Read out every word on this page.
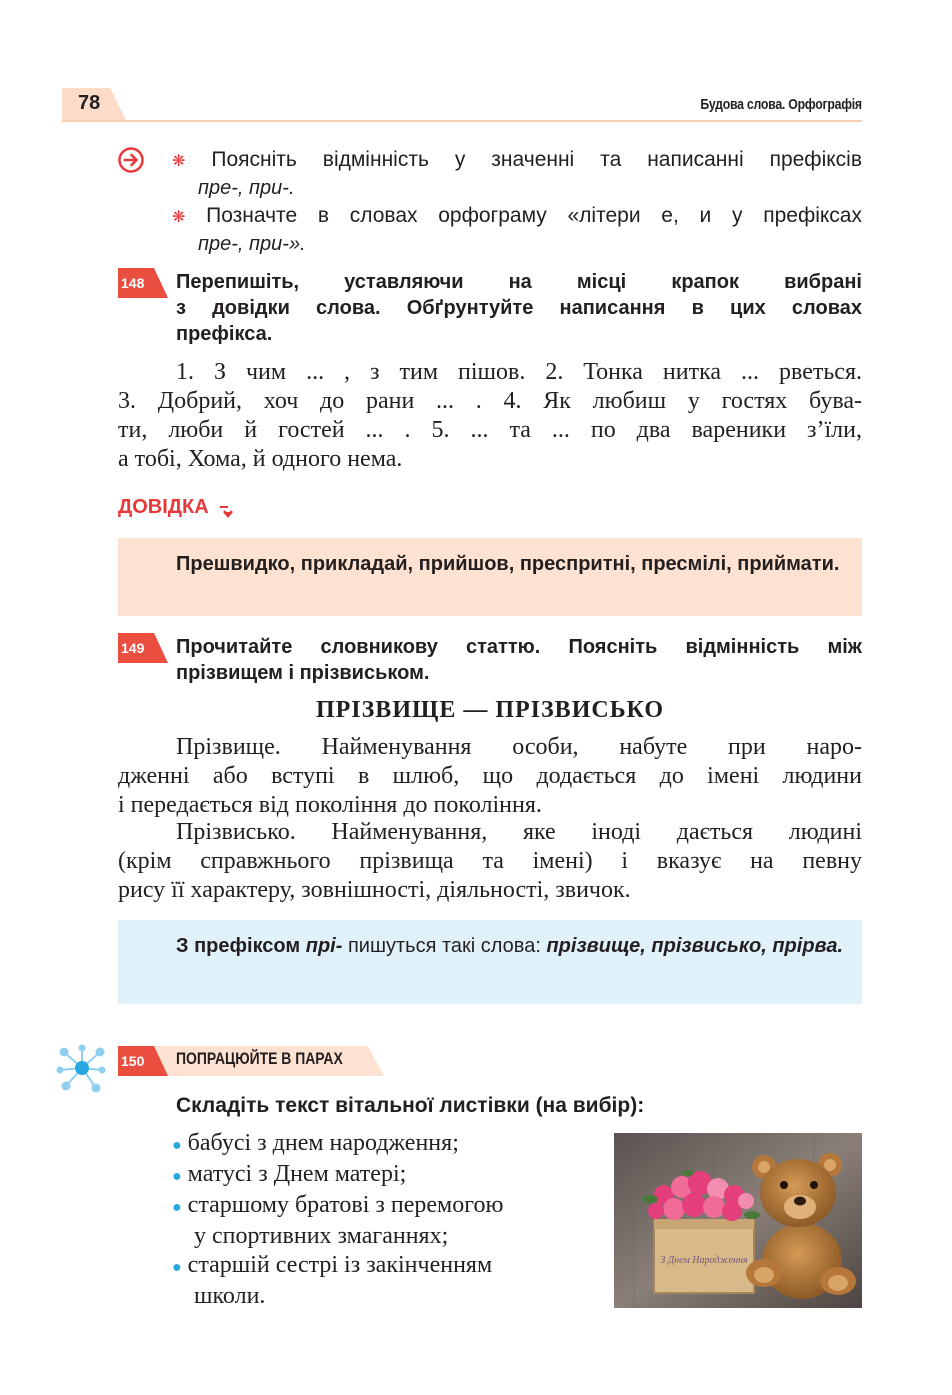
78	Будова слова. Орфографія
❋ Поясніть відмінність у значенні та написанні префіксів
пре-, при-.
❋ Позначте в словах орфограму «літери е, и у префіксах
пре-, при-».
148 Перепишіть, уставляючи на місці крапок вибрані
з довідки слова. Обґрунтуйте написання в цих словах
префікса.
1. З чим ... , з тим пішов. 2. Тонка нитка ... рветься.
3. Добрий, хоч до рани ... . 4. Як любиш у гостях бува-
ти, люби й гостей ... . 5. ... та ... по два вареники з’їли,
а тобі, Хома, й одного нема.
ДОВІДКА
Прешвидко, прикладай, прийшов, преспритні, пресмілі, приймати.
149 Прочитайте словникову статтю. Поясніть відмінність між
прізвищем і прізвиськом.
ПРІЗВИЩЕ — ПРІЗВИСЬКО
Прізвище. Найменування особи, набуте при наро-
дженні або вступі в шлюб, що додається до імені людини
і передається від покоління до покоління.
Прізвисько. Найменування, яке іноді дається людині
(крім справжнього прізвища та імені) і вказує на певну
рису її характеру, зовнішності, діяльності, звичок.
З префіксом прі- пишуться такі слова: прізвище, прізвисько, прірва.
150 ПОПРАЦЮЙТЕ В ПАРАХ
Складіть текст вітальної листівки (на вибір):
● бабусі з днем народження;
● матусі з Днем матері;
● старшому братові з перемогою
у спортивних змаганнях;
● старшій сестрі із закінченням
школи.
З Днем Народження
